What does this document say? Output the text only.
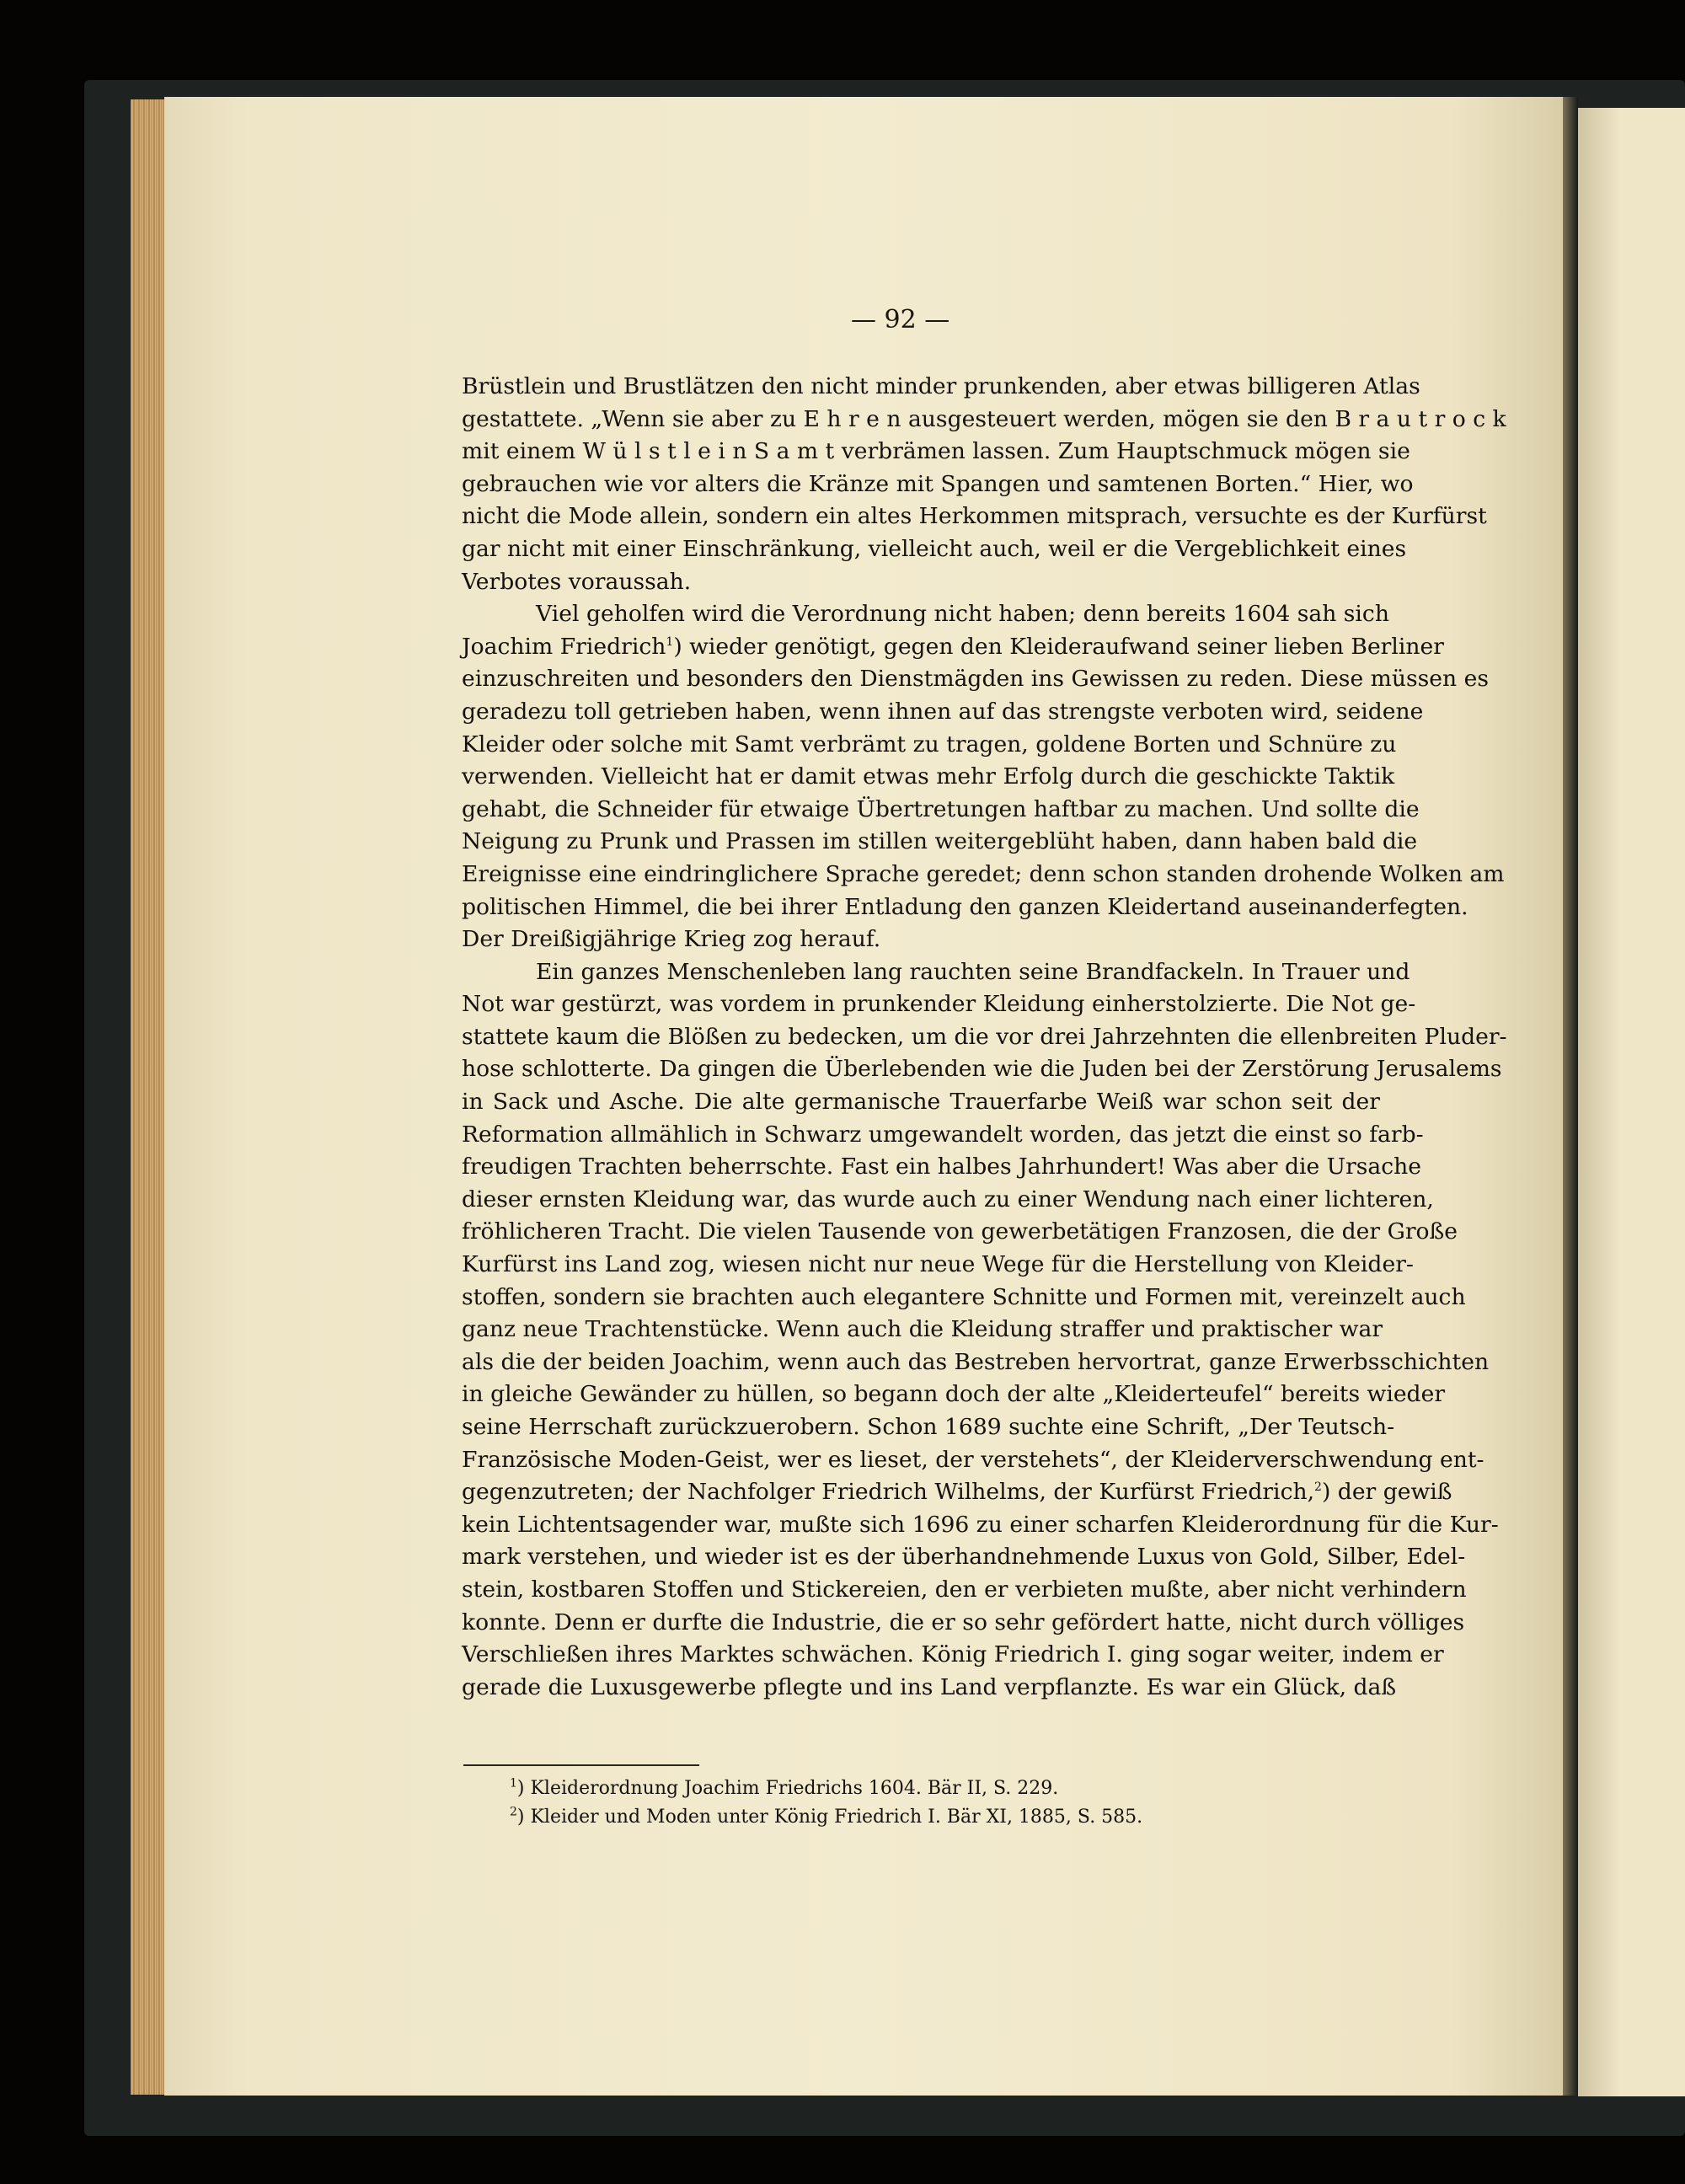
— 92 —
Brüstlein und Brustlätzen den nicht minder prunkenden, aber etwas billigeren Atlas
gestattete. „Wenn sie aber zu E h r e n ausgesteuert werden, mögen sie den B r a u t r o c k
mit einem W ü l s t l e i n S a m t verbrämen lassen. Zum Hauptschmuck mögen sie
gebrauchen wie vor alters die Kränze mit Spangen und samtenen Borten.“ Hier, wo
nicht die Mode allein, sondern ein altes Herkommen mitsprach, versuchte es der Kurfürst
gar nicht mit einer Einschränkung, vielleicht auch, weil er die Vergeblichkeit eines
Verbotes voraussah.
Viel geholfen wird die Verordnung nicht haben; denn bereits 1604 sah sich
Joachim Friedrich$^1$) wieder genötigt, gegen den Kleideraufwand seiner lieben Berliner
einzuschreiten und besonders den Dienstmägden ins Gewissen zu reden. Diese müssen es
geradezu toll getrieben haben, wenn ihnen auf das strengste verboten wird, seidene
Kleider oder solche mit Samt verbrämt zu tragen, goldene Borten und Schnüre zu
verwenden. Vielleicht hat er damit etwas mehr Erfolg durch die geschickte Taktik
gehabt, die Schneider für etwaige Übertretungen haftbar zu machen. Und sollte die
Neigung zu Prunk und Prassen im stillen weitergeblüht haben, dann haben bald die
Ereignisse eine eindringlichere Sprache geredet; denn schon standen drohende Wolken am
politischen Himmel, die bei ihrer Entladung den ganzen Kleidertand auseinanderfegten.
Der Dreißigjährige Krieg zog herauf.
Ein ganzes Menschenleben lang rauchten seine Brandfackeln. In Trauer und
Not war gestürzt, was vordem in prunkender Kleidung einherstolzierte. Die Not ge-
stattete kaum die Blößen zu bedecken, um die vor drei Jahrzehnten die ellenbreiten Pluder-
hose schlotterte. Da gingen die Überlebenden wie die Juden bei der Zerstörung Jerusalems
in Sack und Asche. Die alte germanische Trauerfarbe Weiß war schon seit der
Reformation allmählich in Schwarz umgewandelt worden, das jetzt die einst so farb-
freudigen Trachten beherrschte. Fast ein halbes Jahrhundert! Was aber die Ursache
dieser ernsten Kleidung war, das wurde auch zu einer Wendung nach einer lichteren,
fröhlicheren Tracht. Die vielen Tausende von gewerbetätigen Franzosen, die der Große
Kurfürst ins Land zog, wiesen nicht nur neue Wege für die Herstellung von Kleider-
stoffen, sondern sie brachten auch elegantere Schnitte und Formen mit, vereinzelt auch
ganz neue Trachtenstücke. Wenn auch die Kleidung straffer und praktischer war
als die der beiden Joachim, wenn auch das Bestreben hervortrat, ganze Erwerbsschichten
in gleiche Gewänder zu hüllen, so begann doch der alte „Kleiderteufel“ bereits wieder
seine Herrschaft zurückzuerobern. Schon 1689 suchte eine Schrift, „Der Teutsch-
Französische Moden-Geist, wer es lieset, der verstehets“, der Kleiderverschwendung ent-
gegenzutreten; der Nachfolger Friedrich Wilhelms, der Kurfürst Friedrich,$^2$) der gewiß
kein Lichtentsagender war, mußte sich 1696 zu einer scharfen Kleiderordnung für die Kur-
mark verstehen, und wieder ist es der überhandnehmende Luxus von Gold, Silber, Edel-
stein, kostbaren Stoffen und Stickereien, den er verbieten mußte, aber nicht verhindern
konnte. Denn er durfte die Industrie, die er so sehr gefördert hatte, nicht durch völliges
Verschließen ihres Marktes schwächen. König Friedrich I. ging sogar weiter, indem er
gerade die Luxusgewerbe pflegte und ins Land verpflanzte. Es war ein Glück, daß
$^1$) Kleiderordnung Joachim Friedrichs 1604. Bär II, S. 229.
$^2$) Kleider und Moden unter König Friedrich I. Bär XI, 1885, S. 585.
